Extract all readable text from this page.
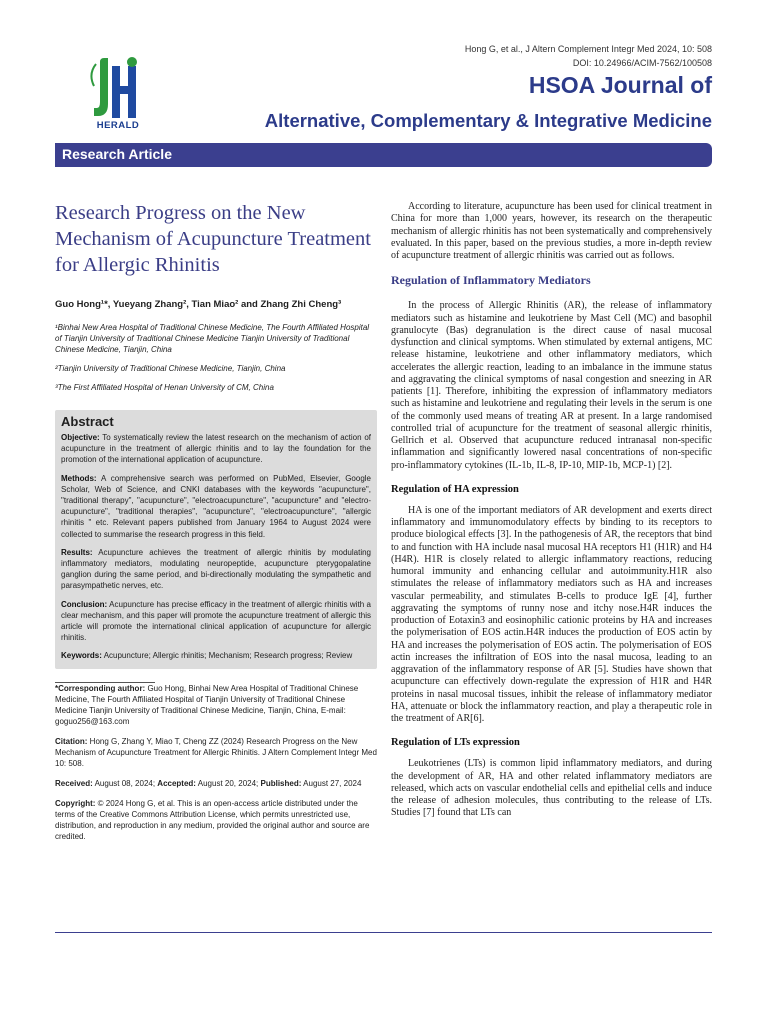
Hong G, et al., J Altern Complement Integr Med 2024, 10: 508
DOI: 10.24966/ACIM-7562/100508
HERALD
HSOA Journal of
Alternative, Complementary & Integrative Medicine
Research Article
Research Progress on the New Mechanism of Acupuncture Treatment for Allergic Rhinitis
Guo Hong¹*, Yueyang Zhang², Tian Miao² and Zhang Zhi Cheng³
¹Binhai New Area Hospital of Traditional Chinese Medicine, The Fourth Affiliated Hospital of Tianjin University of Traditional Chinese Medicine Tianjin University of Traditional Chinese Medicine, Tianjin, China
²Tianjin University of Traditional Chinese Medicine, Tianjin, China
³The First Affiliated Hospital of Henan University of CM, China
Abstract

Objective: To systematically review the latest research on the mechanism of action of acupuncture in the treatment of allergic rhinitis and to lay the foundation for the promotion of the international application of acupuncture.

Methods: A comprehensive search was performed on PubMed, Elsevier, Google Scholar, Web of Science, and CNKI databases with the keywords "acupuncture", "traditional therapy", "acupuncture", "electroacupuncture", "acupuncture" and "electro-acupuncture", "traditional therapies", "acupuncture", "electroacupuncture", "allergic rhinitis " etc. Relevant papers published from January 1964 to August 2024 were collected to summarise the research progress in this field.

Results: Acupuncture achieves the treatment of allergic rhinitis by modulating inflammatory mediators, modulating neuropeptide, acupuncture pterygopalatine ganglion during the same period, and bi-directionally modulating the sympathetic and parasympathetic nerves, etc.

Conclusion: Acupuncture has precise efficacy in the treatment of allergic rhinitis with a clear mechanism, and this paper will promote the acupuncture treatment of allergic this article will promote the international clinical application of acupuncture for allergic rhinitis.

Keywords: Acupuncture; Allergic rhinitis; Mechanism; Research progress; Review

*Corresponding author: Guo Hong, Binhai New Area Hospital of Traditional Chinese Medicine, The Fourth Affiliated Hospital of Tianjin University of Traditional Chinese Medicine Tianjin University of Traditional Chinese Medicine, Tianjin, China, E-mail: goguo256@163.com
Citation: Hong G, Zhang Y, Miao T, Cheng ZZ (2024) Research Progress on the New Mechanism of Acupuncture Treatment for Allergic Rhinitis. J Altern Complement Integr Med 10: 508.
Received: August 08, 2024; Accepted: August 20, 2024; Published: August 27, 2024
Copyright: © 2024 Hong G, et al. This is an open-access article distributed under the terms of the Creative Commons Attribution License, which permits unrestricted use, distribution, and reproduction in any medium, provided the original author and source are credited.

According to literature, acupuncture has been used for clinical treatment in China for more than 1,000 years, however, its research on the therapeutic mechanism of allergic rhinitis has not been systematically and comprehensively evaluated. In this paper, based on the previous studies, a more in-depth review of acupuncture treatment of allergic rhinitis was carried out as follows.

Regulation of Inflammatory Mediators

In the process of Allergic Rhinitis (AR), the release of inflammatory mediators such as histamine and leukotriene by Mast Cell (MC) and basophil granulocyte (Bas) degranulation is the direct cause of nasal mucosal dysfunction and clinical symptoms. When stimulated by external antigens, MC release histamine, leukotriene and other inflammatory mediators, which accelerates the allergic reaction, leading to an imbalance in the immune status and aggravating the clinical symptoms of nasal congestion and sneezing in AR patients [1]. Therefore, inhibiting the expression of inflammatory mediators such as histamine and leukotriene and regulating their levels in the serum is one of the commonly used means of treating AR at present. In a large randomised controlled trial of acupuncture for the treatment of seasonal allergic rhinitis, Gellrich et al. Observed that acupuncture reduced intranasal non-specific inflammation and significantly lowered nasal concentrations of non-specific pro-inflammatory cytokines (IL-1b, IL-8, IP-10, MIP-1b, MCP-1) [2].

Regulation of HA expression

HA is one of the important mediators of AR development and exerts direct inflammatory and immunomodulatory effects by binding to its receptors to produce biological effects [3]. In the pathogenesis of AR, the receptors that bind to and function with HA include nasal mucosal HA receptors H1 (H1R) and H4 (H4R). H1R is closely related to allergic inflammatory reactions, reducing humoral immunity and enhancing cellular and autoimmunity.H1R also stimulates the release of inflammatory mediators such as HA and increases vascular permeability, and stimulates B-cells to produce IgE [4], further aggravating the symptoms of runny nose and itchy nose.H4R induces the production of Eotaxin3 and eosinophilic cationic proteins by HA and increases the polymerisation of EOS actin.H4R induces the production of EOS actin by HA and increases the polymerisation of EOS actin. The polymerisation of EOS actin increases the infiltration of EOS into the nasal mucosa, leading to an aggravation of the inflammatory response of AR [5]. Studies have shown that acupuncture can effectively down-regulate the expression of H1R and H4R proteins in nasal mucosal tissues, inhibit the release of inflammatory mediator HA, attenuate or block the inflammatory reaction, and play a therapeutic role in the treatment of AR[6].

Regulation of LTs expression

Leukotrienes (LTs) is common lipid inflammatory mediators, and during the development of AR, HA and other related inflammatory mediators are released, which acts on vascular endothelial cells and epithelial cells and induce the release of adhesion molecules, thus contributing to the release of LTs. Studies [7] found that LTs can
